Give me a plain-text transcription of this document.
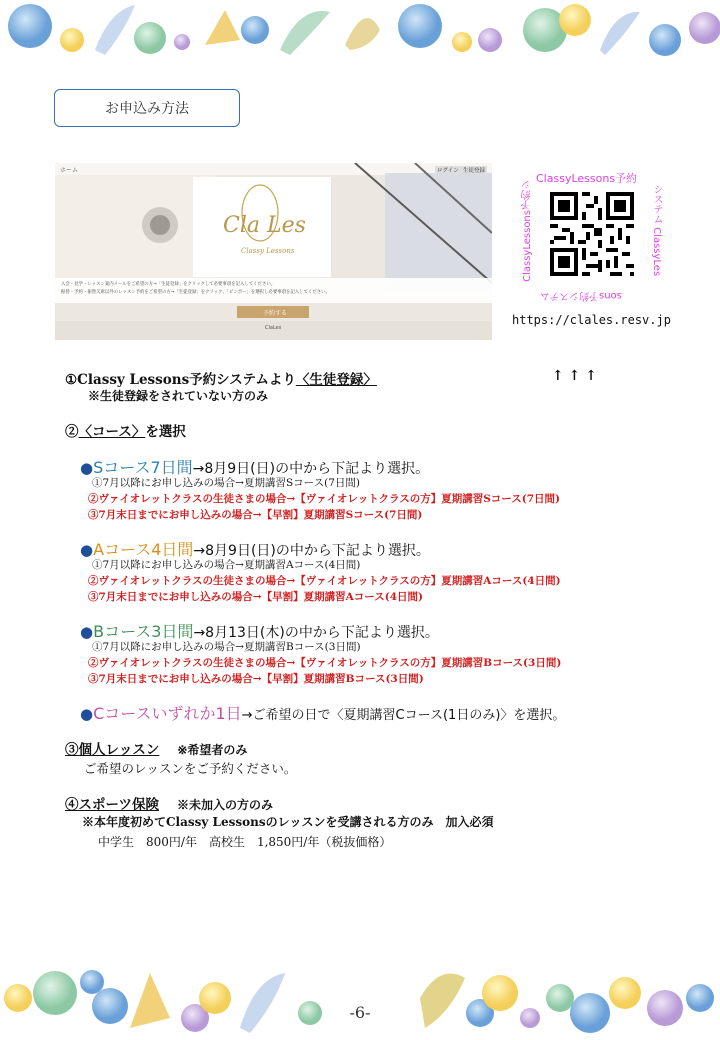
お申込み方法
ホーム	ログイン 生徒登録
Cla Les
Classy Lessons
入会・見学・レッスン案内メールをご希望の方→「生徒登録」をクリックして必要事項を記入してください。
振替・予約・振替欠席以外のレッスン予約をご希望の方→「生徒登録」をクリック、「ピンポー」を選択し必要事項を記入してください。
予約する
ClaLes
ClassyLessons予約
システム ClassyLes
sons予約システム
ClassyLessons予約シ
https://clales.resv.jp
①Classy Lessons予約システムより〈生徒登録〉	↑ ↑ ↑
※生徒登録をされていない方のみ
②〈コース〉を選択
●Sコース7日間→8月9日(日)の中から下記より選択。
①7月以降にお申し込みの場合→夏期講習Sコース(7日間)
②ヴァイオレットクラスの生徒さまの場合→【ヴァイオレットクラスの方】夏期講習Sコース(7日間)
③7月末日までにお申し込みの場合→【早割】夏期講習Sコース(7日間)
●Aコース4日間→8月9日(日)の中から下記より選択。
①7月以降にお申し込みの場合→夏期講習Aコース(4日間)
②ヴァイオレットクラスの生徒さまの場合→【ヴァイオレットクラスの方】夏期講習Aコース(4日間)
③7月末日までにお申し込みの場合→【早割】夏期講習Aコース(4日間)
●Bコース3日間→8月13日(木)の中から下記より選択。
①7月以降にお申し込みの場合→夏期講習Bコース(3日間)
②ヴァイオレットクラスの生徒さまの場合→【ヴァイオレットクラスの方】夏期講習Bコース(3日間)
③7月末日までにお申し込みの場合→【早割】夏期講習Bコース(3日間)
●Cコースいずれか1日→ご希望の日で〈夏期講習Cコース(1日のみ)〉を選択。
③個人レッスン ※希望者のみ
ご希望のレッスンをご予約ください。
④スポーツ保険 ※未加入の方のみ
※本年度初めてClassy Lessonsのレッスンを受講される方のみ　加入必須
中学生　800円/年　高校生　1,850円/年（税抜価格）
-6-
